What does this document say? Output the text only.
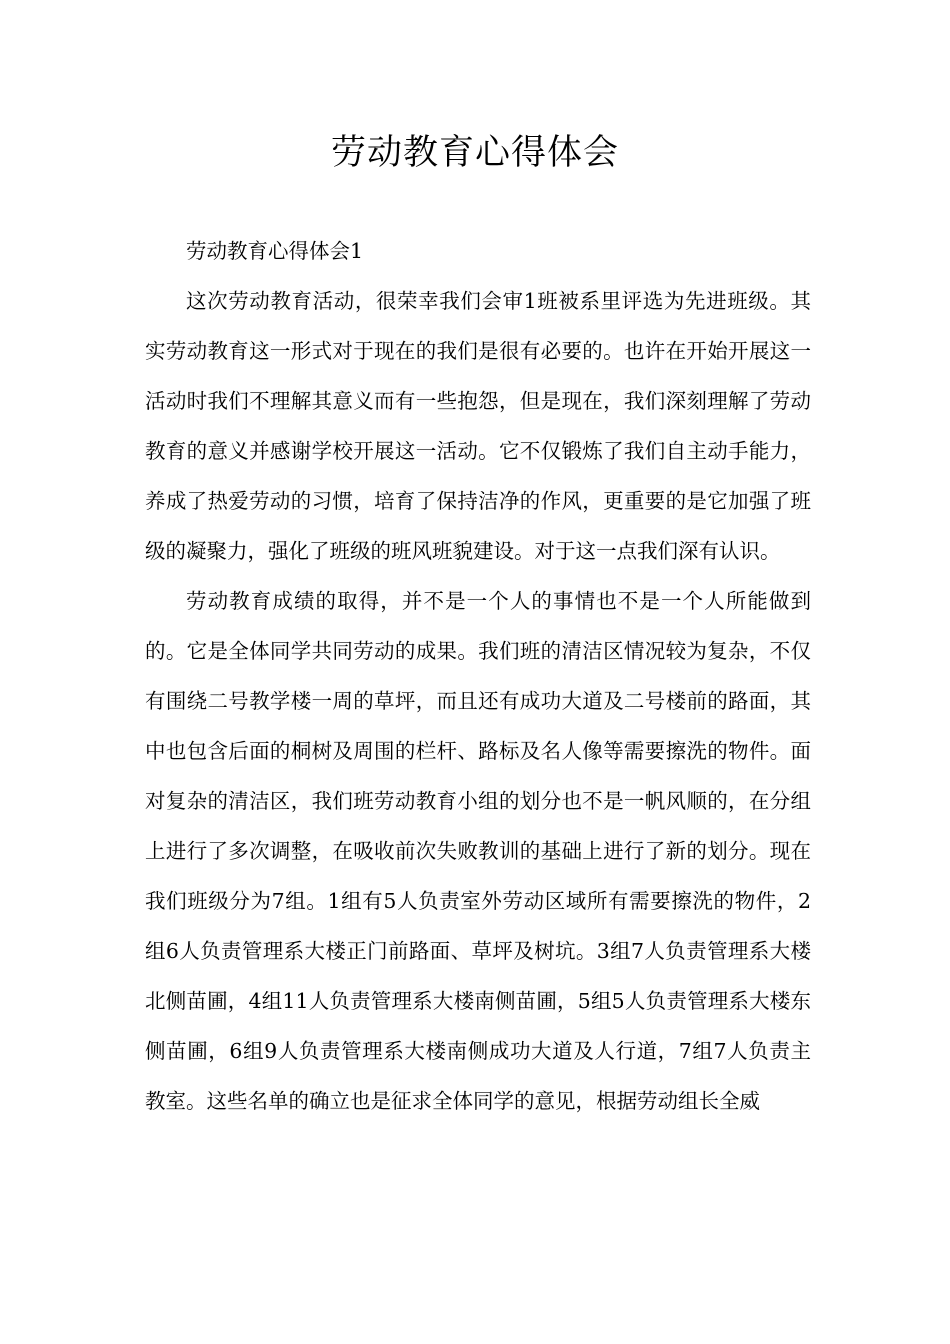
劳动教育心得体会

劳动教育心得体会1

这次劳动教育活动，很荣幸我们会审1班被系里评选为先进班级。其实劳动教育这一形式对于现在的我们是很有必要的。也许在开始开展这一活动时我们不理解其意义而有一些抱怨，但是现在，我们深刻理解了劳动教育的意义并感谢学校开展这一活动。它不仅锻炼了我们自主动手能力，养成了热爱劳动的习惯，培育了保持洁净的作风，更重要的是它加强了班级的凝聚力，强化了班级的班风班貌建设。对于这一点我们深有认识。

劳动教育成绩的取得，并不是一个人的事情也不是一个人所能做到的。它是全体同学共同劳动的成果。我们班的清洁区情况较为复杂，不仅有围绕二号教学楼一周的草坪，而且还有成功大道及二号楼前的路面，其中也包含后面的桐树及周围的栏杆、路标及名人像等需要擦洗的物件。面对复杂的清洁区，我们班劳动教育小组的划分也不是一帆风顺的，在分组上进行了多次调整，在吸收前次失败教训的基础上进行了新的划分。现在我们班级分为7组。1组有5人负责室外劳动区域所有需要擦洗的物件，2组6人负责管理系大楼正门前路面、草坪及树坑。3组7人负责管理系大楼北侧苗圃，4组11人负责管理系大楼南侧苗圃，5组5人负责管理系大楼东侧苗圃，6组9人负责管理系大楼南侧成功大道及人行道，7组7人负责主教室。这些名单的确立也是征求全体同学的意见，根据劳动组长全威
